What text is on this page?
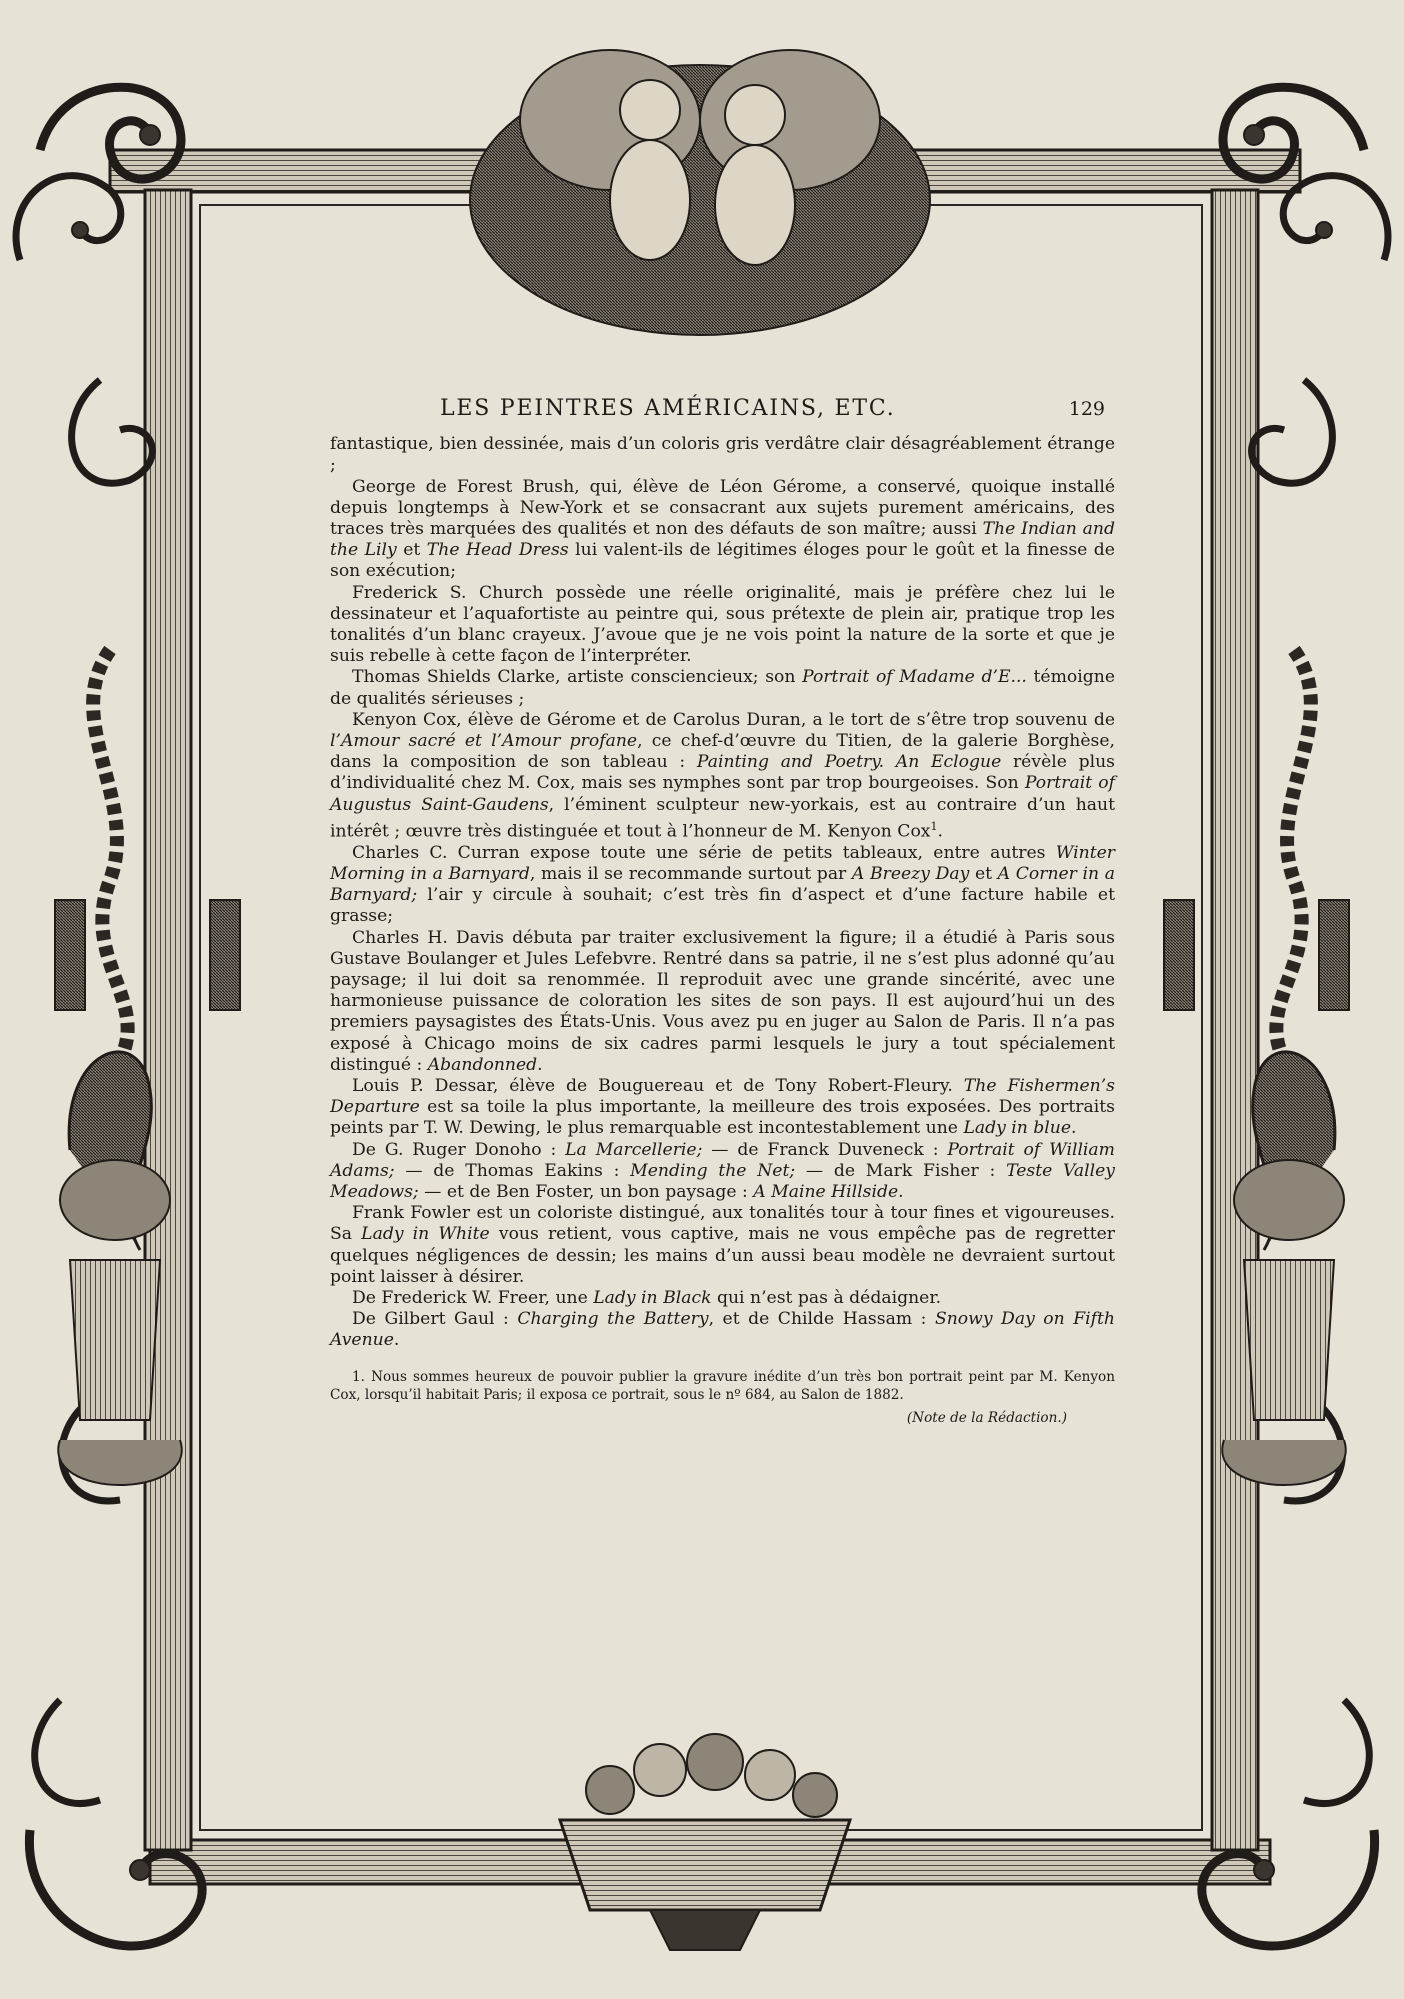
LES PEINTRES AMÉRICAINS, ETC.	129

fantastique, bien dessinée, mais d’un coloris gris verdâtre clair désagréablement étrange ;

George de Forest Brush, qui, élève de Léon Gérome, a conservé, quoique installé depuis longtemps à New-York et se consacrant aux sujets purement américains, des traces très marquées des qualités et non des défauts de son maître; aussi The Indian and the Lily et The Head Dress lui valent-ils de légitimes éloges pour le goût et la finesse de son exécution;

Frederick S. Church possède une réelle originalité, mais je préfère chez lui le dessinateur et l’aquafortiste au peintre qui, sous prétexte de plein air, pratique trop les tonalités d’un blanc crayeux. J’avoue que je ne vois point la nature de la sorte et que je suis rebelle à cette façon de l’interpréter.

Thomas Shields Clarke, artiste consciencieux; son Portrait of Madame d’E... témoigne de qualités sérieuses ;

Kenyon Cox, élève de Gérome et de Carolus Duran, a le tort de s’être trop souvenu de l’Amour sacré et l’Amour profane, ce chef-d’œuvre du Titien, de la galerie Borghèse, dans la composition de son tableau : Painting and Poetry. An Eclogue révèle plus d’individualité chez M. Cox, mais ses nymphes sont par trop bourgeoises. Son Portrait of Augustus Saint-Gaudens, l’éminent sculpteur new-yorkais, est au contraire d’un haut intérêt ; œuvre très distinguée et tout à l’honneur de M. Kenyon Cox$^1$.

Charles C. Curran expose toute une série de petits tableaux, entre autres Winter Morning in a Barnyard, mais il se recommande surtout par A Breezy Day et A Corner in a Barnyard; l’air y circule à souhait; c’est très fin d’aspect et d’une facture habile et grasse;

Charles H. Davis débuta par traiter exclusivement la figure; il a étudié à Paris sous Gustave Boulanger et Jules Lefebvre. Rentré dans sa patrie, il ne s’est plus adonné qu’au paysage; il lui doit sa renommée. Il reproduit avec une grande sincérité, avec une harmonieuse puissance de coloration les sites de son pays. Il est aujourd’hui un des premiers paysagistes des États-Unis. Vous avez pu en juger au Salon de Paris. Il n’a pas exposé à Chicago moins de six cadres parmi lesquels le jury a tout spécialement distingué : Abandonned.

Louis P. Dessar, élève de Bouguereau et de Tony Robert-Fleury. The Fishermen’s Departure est sa toile la plus importante, la meilleure des trois exposées. Des portraits peints par T. W. Dewing, le plus remarquable est incontestablement une Lady in blue.

De G. Ruger Donoho : La Marcellerie; — de Franck Duveneck : Portrait of William Adams; — de Thomas Eakins : Mending the Net; — de Mark Fisher : Teste Valley Meadows; — et de Ben Foster, un bon paysage : A Maine Hillside.

Frank Fowler est un coloriste distingué, aux tonalités tour à tour fines et vigoureuses. Sa Lady in White vous retient, vous captive, mais ne vous empêche pas de regretter quelques négligences de dessin; les mains d’un aussi beau modèle ne devraient surtout point laisser à désirer.

De Frederick W. Freer, une Lady in Black qui n’est pas à dédaigner.

De Gilbert Gaul : Charging the Battery, et de Childe Hassam : Snowy Day on Fifth Avenue.

1. Nous sommes heureux de pouvoir publier la gravure inédite d’un très bon portrait peint par M. Kenyon Cox, lorsqu’il habitait Paris; il exposa ce portrait, sous le nº 684, au Salon de 1882.
(Note de la Rédaction.)
